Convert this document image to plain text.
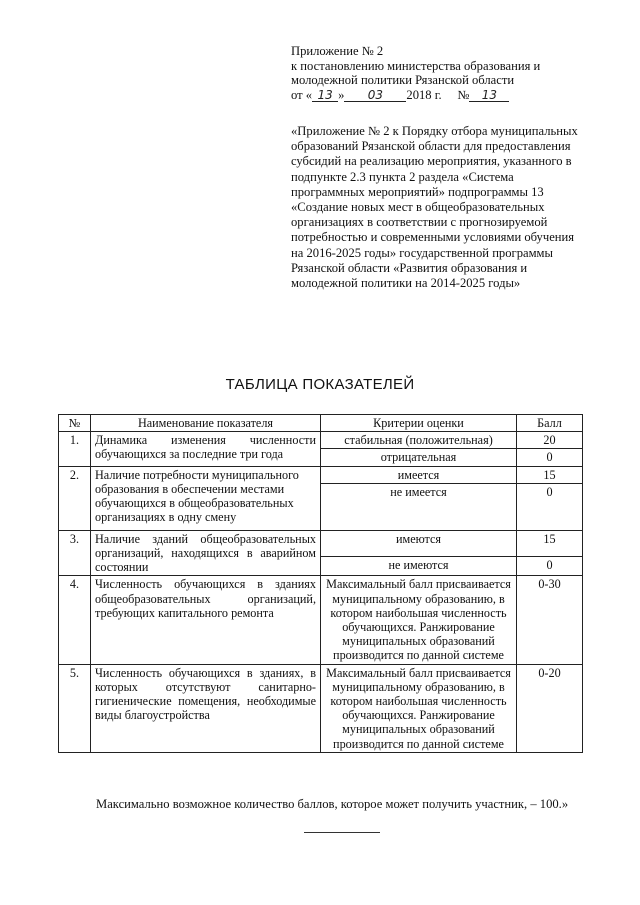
Приложение № 2
к постановлению министерства образования и
молодежной политики Рязанской области
от « 13 » 03 2018 г. № 13
«Приложение № 2 к Порядку отбора муниципальных образований Рязанской области для предоставления субсидий на реализацию мероприятия, указанного в подпункте 2.3 пункта 2 раздела «Система программных мероприятий» подпрограммы 13 «Создание новых мест в общеобразовательных организациях в соответствии с прогнозируемой потребностью и современными условиями обучения на 2016-2025 годы» государственной программы Рязанской области «Развития образования и молодежной политики на 2014-2025 годы»
ТАБЛИЦА ПОКАЗАТЕЛЕЙ
№	Наименование показателя	Критерии оценки	Балл
1.	Динамика изменения численности обучающихся за последние три года	стабильная (положительная)	20
		отрицательная	0
2.	Наличие потребности муниципального образования в обеспечении местами обучающихся в общеобразовательных организациях в одну смену	имеется	15
		не имеется	0
3.	Наличие зданий общеобразовательных организаций, находящихся в аварийном состоянии	имеются	15
		не имеются	0
4.	Численность обучающихся в зданиях общеобразовательных организаций, требующих капитального ремонта	Максимальный балл присваивается муниципальному образованию, в котором наибольшая численность обучающихся. Ранжирование муниципальных образований производится по данной системе	0-30
5.	Численность обучающихся в зданиях, в которых отсутствуют санитарно-гигиенические помещения, необходимые виды благоустройства	Максимальный балл присваивается муниципальному образованию, в котором наибольшая численность обучающихся. Ранжирование муниципальных образований производится по данной системе	0-20
Максимально возможное количество баллов, которое может получить участник, – 100.»
